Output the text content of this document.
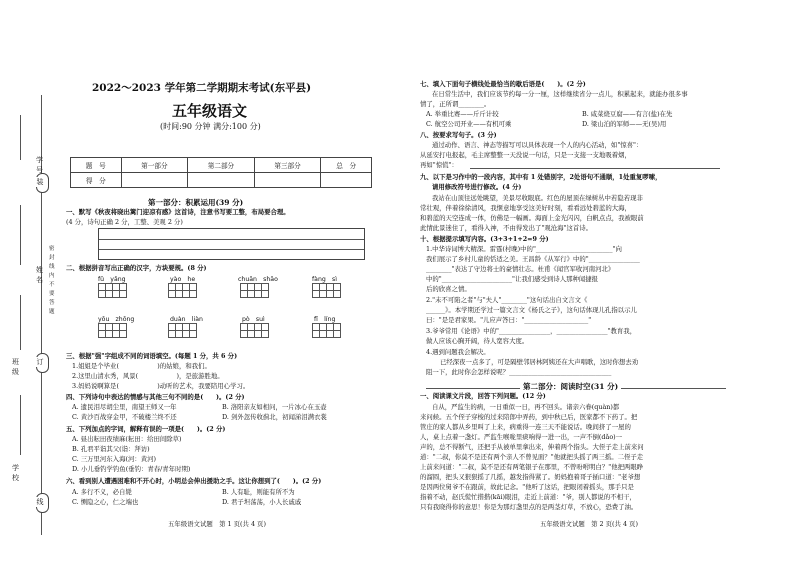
装
订
线
学
号
姓
名
班
级
学
校
密 封 线 内 不 要 答 题
2022～2023 学年第二学期期末考试(东平县)
五年级语文
(时间:90 分钟 满分:100 分)
题　号	第一部分	第二部分	第三部分	总　分
得　分				
第一部分：积累运用(39 分)
一、默写《秋夜将晓出篱门迎凉有感》这首诗，注意书写要工整，布局要合理。
(4 分，诗句正确 2 分，工整、美观 2 分)
二、根据拼音写出正确的汉字，方块要规。(8 分)
fǔ　yǎng	yào　he	chuān　shāo	fàng　sì
yōu　zhōng	duàn　liàn	pò　suì	fǐ　líng
三、根据"强"字组成不同的词语填空。(每题 1 分，共 6 分)
1.姐姐是个毕业(　　　　　　)的姑娘，和我们。
2.这里山清水秀，风景(　　　　　　)，是旅游胜地。
3.妈妈说啊算是(　　　　　　)动听的艺术，我要陪用心学习。
四、下列诗句中表达的情感与其他三句不同的是(　　)。(2 分)
A. 遗民泪尽胡尘里，南望王师又一年	B. 洛阳亲友如相问，一片冰心在玉壶
C. 黄沙百战穿金甲，不破楼兰终不还	D. 剑外忽传收蓟北，初闻涕泪满衣裳
五、下列加点的字词，解释有误的一项是(　　)。(2 分)
A. 昼出耘田夜绩麻(耘田：给田间除草)
B. 孔君平诣其父(诣：拜访)
C. 三万里河东入海(河：黄河)
D. 小儿垂钓学钓鱼(垂钓：青春/青年时期)
六、看到别人遭遇困难和不开心时，小明总会伸出援助之手。这让你想到了(　　)。(2 分)
A. 多行不义，必自毙	B. 人有耻，则能有所不为
C. 恻隐之心，仁之端也	D. 君子坦荡荡，小人长戚戚
五年级语文试题　第 1 页(共 4 页)
七、填入下面句子横线处最恰当的歇后语是(　　)。(2 分)
在日常生活中，我们应该节约每一分一厘，这样继续省分一点儿，积累起来，就能办很多事
情了，正所谓________。
A. 举重比赛——斤斤计较	B. 咸菜烧豆腐——有言(盐)在先
C. 航空公司开业——有机可乘	D. 梁山泊的军师——无(吴)用
八、按要求写句子。(3 分)
通过动作、语言、神态等描写可以具体表现一个人的内心活动，如"惊喜"：
从延安打电报起，毛主席整整一天没说一句话，只是一支接一支地吸着烟，
再如"惊慌"：
九、以下是习作中的一段内容，其中有 1 处错别字，2处语句不通顺，1处重复啰嗦，
请用修改符号进行修改。(4 分)
我站在山顶往远处眺望，美景尽收眼底。红色的屋顶在绿树丛中若隐若现非
常壮观，伴着徐徐清风，我惬意地享受这美好时刻，看看远处碧蓝的大海，
和碧蓝的天空连成一体，仿佛是一幅画。海面上金光闪闪，白帆点点，我被眼前
此情此景迷住了，看得入神，不由得发出了"观沧海"这首诗。
十、根据提示填写内容。(3+3+1+2=9 分)
1.中华诗词博大精深。雷霆(村晚)中的"________________________"向
我们展示了乡村儿童的恬适之美。王昌龄《从军行》中的"________________
________"表达了守边将士的豪情壮志。杜甫《闻官军收河南河北》
中的"______________________"让我们感受到诗人那种闻捷报
后的欣喜之情。
2."未不可陷之者"与"夫人"________"这句话出自文言文《
______》。本学期还学过一篇文言文《杨氏之子》，这句话体现儿孔指以示儿
曰："是是君家果。"儿应声答曰："____________________"
3.爷爷常用《论语》中的"________________，________________"教育我，
做人应该心胸开阔，待人宽容大度。
4.遇到问题我会解决。
已经深夜一点多了，可是隔壁邻居林阿姨还在大声唱歌，这时你想去劝
阻一下，此时你会怎样说呢？________________________________
第二部分：阅读时空(31 分)
一、阅读课文片段，回答下列问题。(12 分)
自从，严监生的病，一日重似一日，再不回头。诸亲六眷(quàn)都
来问候。五个侄子穿梭的过来陪郎中弄药，到中秋已后，医家都不下药了。把
管庄的家人都从乡里叫了上来，病重得一连三天不能说话。晚间挤了一屋的
人，桌上点着一盏灯。严监生喉咙里痰响得一进一出，一声不倒(dǎo)一
声的，总不得断气，还把手从被单里拿出来，伸着两个指头。大侄子走上前来问
道："二叔，你莫不是还有两个亲人不曾见面？"他就把头摇了两三摇。二侄子走
上前来问道："二叔，莫不是还有两笔银子在那里，不曾吩咐明白？"他把两眼睁
的溜圆，把头又狠狠摇了几摇，越发指得紧了。奶妈抱着哥子插口道："老爷想
是因两位舅爷不在跟前，故此记念。"他听了这话，把眼闭着摇头，那手只是
指着不动，赵氏慌忙揩揩(kāi)眼泪，走近上前道："爷，别人都说的不相干，
只有我晓得你的意思！你是为那灯盏里点的是两茎灯草，不放心，恐费了油。
五年级语文试题　第 2 页(共 4 页)
